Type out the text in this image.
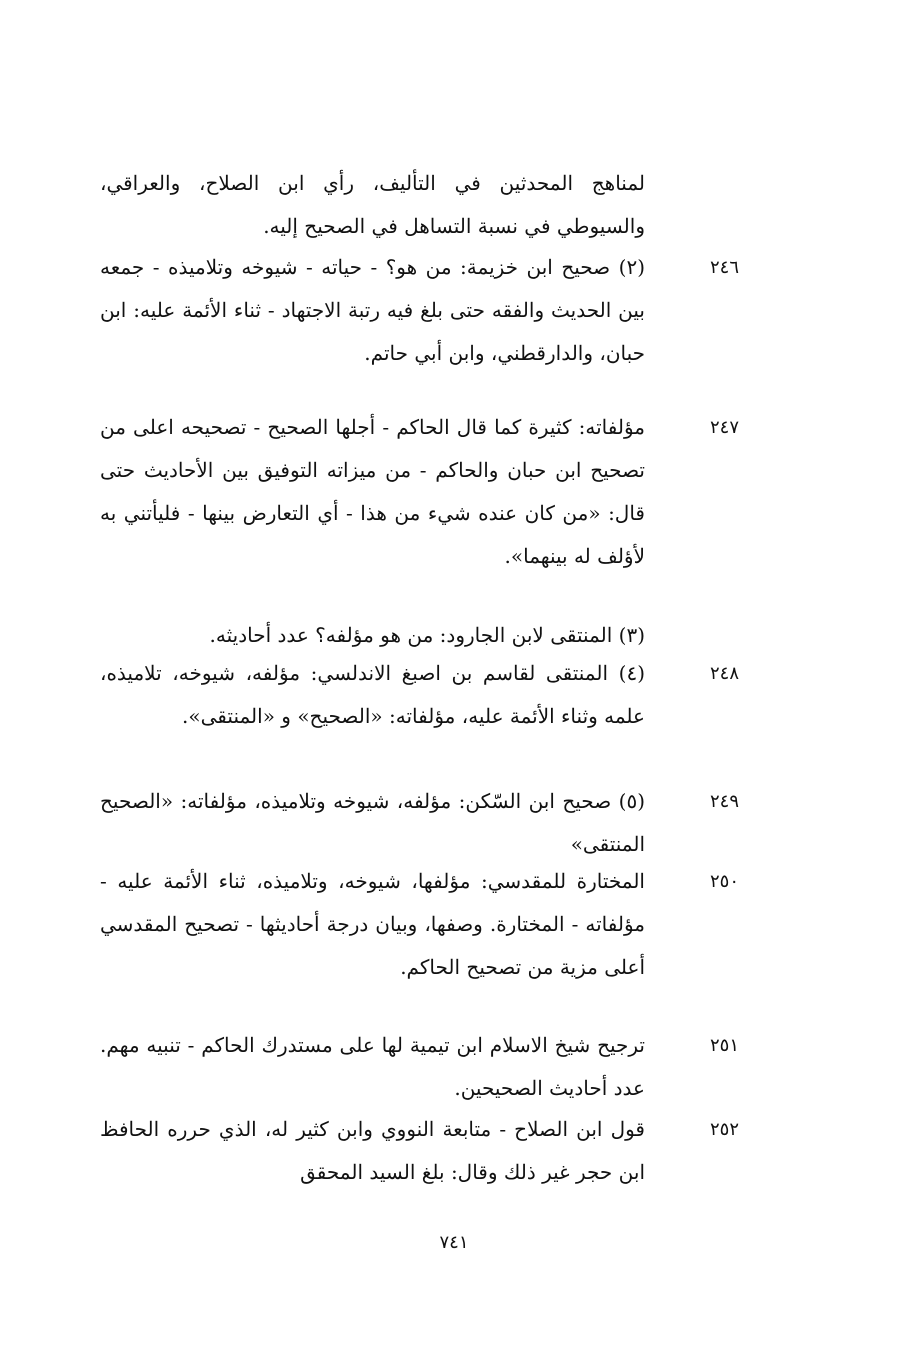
لمناهج المحدثين في التأليف، رأي ابن الصلاح، والعراقي، والسيوطي في نسبة التساهل في الصحيح إليه.
٢٤٦
(٢) صحيح ابن خزيمة: من هو؟ - حياته - شيوخه وتلاميذه - جمعه بين الحديث والفقه حتى بلغ فيه رتبة الاجتهاد - ثناء الأئمة عليه: ابن حبان، والدارقطني، وابن أبي حاتم.
٢٤٧
مؤلفاته: كثيرة كما قال الحاكم - أجلها الصحيح - تصحيحه اعلى من تصحيح ابن حبان والحاكم - من ميزاته التوفيق بين الأحاديث حتى قال: «من كان عنده شيء من هذا - أي التعارض بينها - فليأتني به لأؤلف له بينهما».
(٣) المنتقى لابن الجارود: من هو مؤلفه؟ عدد أحاديثه.
٢٤٨
(٤) المنتقى لقاسم بن اصبغ الاندلسي: مؤلفه، شيوخه، تلاميذه، علمه وثناء الأئمة عليه، مؤلفاته: «الصحيح» و «المنتقى».
٢٤٩
(٥) صحيح ابن السّكن: مؤلفه، شيوخه وتلاميذه، مؤلفاته: «الصحيح المنتقى»
٢٥٠
المختارة للمقدسي: مؤلفها، شيوخه، وتلاميذه، ثناء الأئمة عليه - مؤلفاته - المختارة. وصفها، وبيان درجة أحاديثها - تصحيح المقدسي أعلى مزية من تصحيح الحاكم.
٢٥١
ترجيح شيخ الاسلام ابن تيمية لها على مستدرك الحاكم - تنبيه مهم. عدد أحاديث الصحيحين.
٢٥٢
قول ابن الصلاح - متابعة النووي وابن كثير له، الذي حرره الحافظ ابن حجر غير ذلك وقال: بلغ السيد المحقق
٧٤١
